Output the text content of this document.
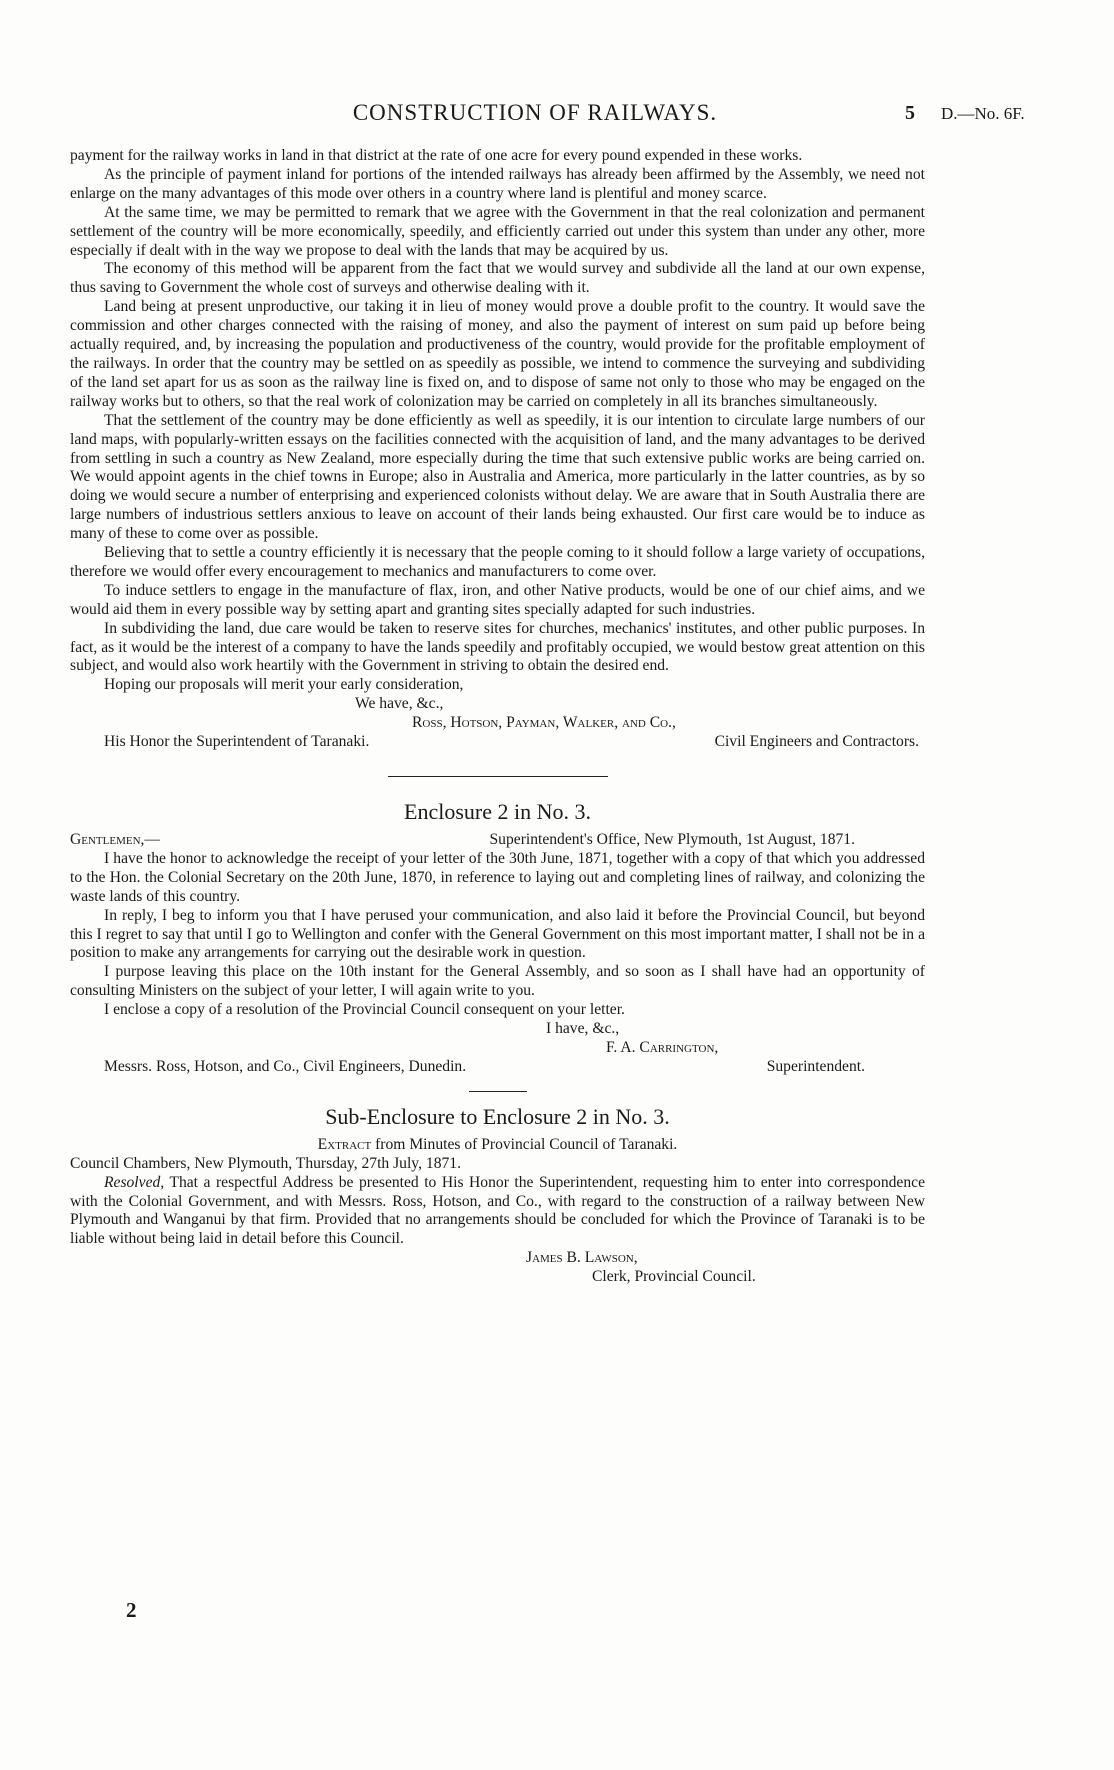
CONSTRUCTION OF RAILWAYS.	5 D.—No. 6F.

payment for the railway works in land in that district at the rate of one acre for every pound expended in these works.

As the principle of payment inland for portions of the intended railways has already been affirmed by the Assembly, we need not enlarge on the many advantages of this mode over others in a country where land is plentiful and money scarce.

At the same time, we may be permitted to remark that we agree with the Government in that the real colonization and permanent settlement of the country will be more economically, speedily, and efficiently carried out under this system than under any other, more especially if dealt with in the way we propose to deal with the lands that may be acquired by us.

The economy of this method will be apparent from the fact that we would survey and subdivide all the land at our own expense, thus saving to Government the whole cost of surveys and otherwise dealing with it.

Land being at present unproductive, our taking it in lieu of money would prove a double profit to the country. It would save the commission and other charges connected with the raising of money, and also the payment of interest on sum paid up before being actually required, and, by increasing the population and productiveness of the country, would provide for the profitable employment of the railways. In order that the country may be settled on as speedily as possible, we intend to commence the surveying and subdividing of the land set apart for us as soon as the railway line is fixed on, and to dispose of same not only to those who may be engaged on the railway works but to others, so that the real work of colonization may be carried on completely in all its branches simultaneously.

That the settlement of the country may be done efficiently as well as speedily, it is our intention to circulate large numbers of our land maps, with popularly-written essays on the facilities connected with the acquisition of land, and the many advantages to be derived from settling in such a country as New Zealand, more especially during the time that such extensive public works are being carried on. We would appoint agents in the chief towns in Europe; also in Australia and America, more particularly in the latter countries, as by so doing we would secure a number of enterprising and experienced colonists without delay. We are aware that in South Australia there are large numbers of industrious settlers anxious to leave on account of their lands being exhausted. Our first care would be to induce as many of these to come over as possible.

Believing that to settle a country efficiently it is necessary that the people coming to it should follow a large variety of occupations, therefore we would offer every encouragement to mechanics and manufacturers to come over.

To induce settlers to engage in the manufacture of flax, iron, and other Native products, would be one of our chief aims, and we would aid them in every possible way by setting apart and granting sites specially adapted for such industries.

In subdividing the land, due care would be taken to reserve sites for churches, mechanics' institutes, and other public purposes. In fact, as it would be the interest of a company to have the lands speedily and profitably occupied, we would bestow great attention on this subject, and would also work heartily with the Government in striving to obtain the desired end.

Hoping our proposals will merit your early consideration,

We have, &c.,

Ross, Hotson, Payman, Walker, and Co.,

His Honor the Superintendent of Taranaki.	Civil Engineers and Contractors.
Enclosure 2 in No. 3.
Gentlemen,—	Superintendent's Office, New Plymouth, 1st August, 1871.

I have the honor to acknowledge the receipt of your letter of the 30th June, 1871, together with a copy of that which you addressed to the Hon. the Colonial Secretary on the 20th June, 1870, in reference to laying out and completing lines of railway, and colonizing the waste lands of this country.

In reply, I beg to inform you that I have perused your communication, and also laid it before the Provincial Council, but beyond this I regret to say that until I go to Wellington and confer with the General Government on this most important matter, I shall not be in a position to make any arrangements for carrying out the desirable work in question.

I purpose leaving this place on the 10th instant for the General Assembly, and so soon as I shall have had an opportunity of consulting Ministers on the subject of your letter, I will again write to you.

I enclose a copy of a resolution of the Provincial Council consequent on your letter.

I have, &c.,

F. A. Carrington,

Messrs. Ross, Hotson, and Co., Civil Engineers, Dunedin.	Superintendent.
Sub-Enclosure to Enclosure 2 in No. 3.

Extract from Minutes of Provincial Council of Taranaki.

Council Chambers, New Plymouth, Thursday, 27th July, 1871.

Resolved, That a respectful Address be presented to His Honor the Superintendent, requesting him to enter into correspondence with the Colonial Government, and with Messrs. Ross, Hotson, and Co., with regard to the construction of a railway between New Plymouth and Wanganui by that firm. Provided that no arrangements should be concluded for which the Province of Taranaki is to be liable without being laid in detail before this Council.

James B. Lawson,

Clerk, Provincial Council.

2
